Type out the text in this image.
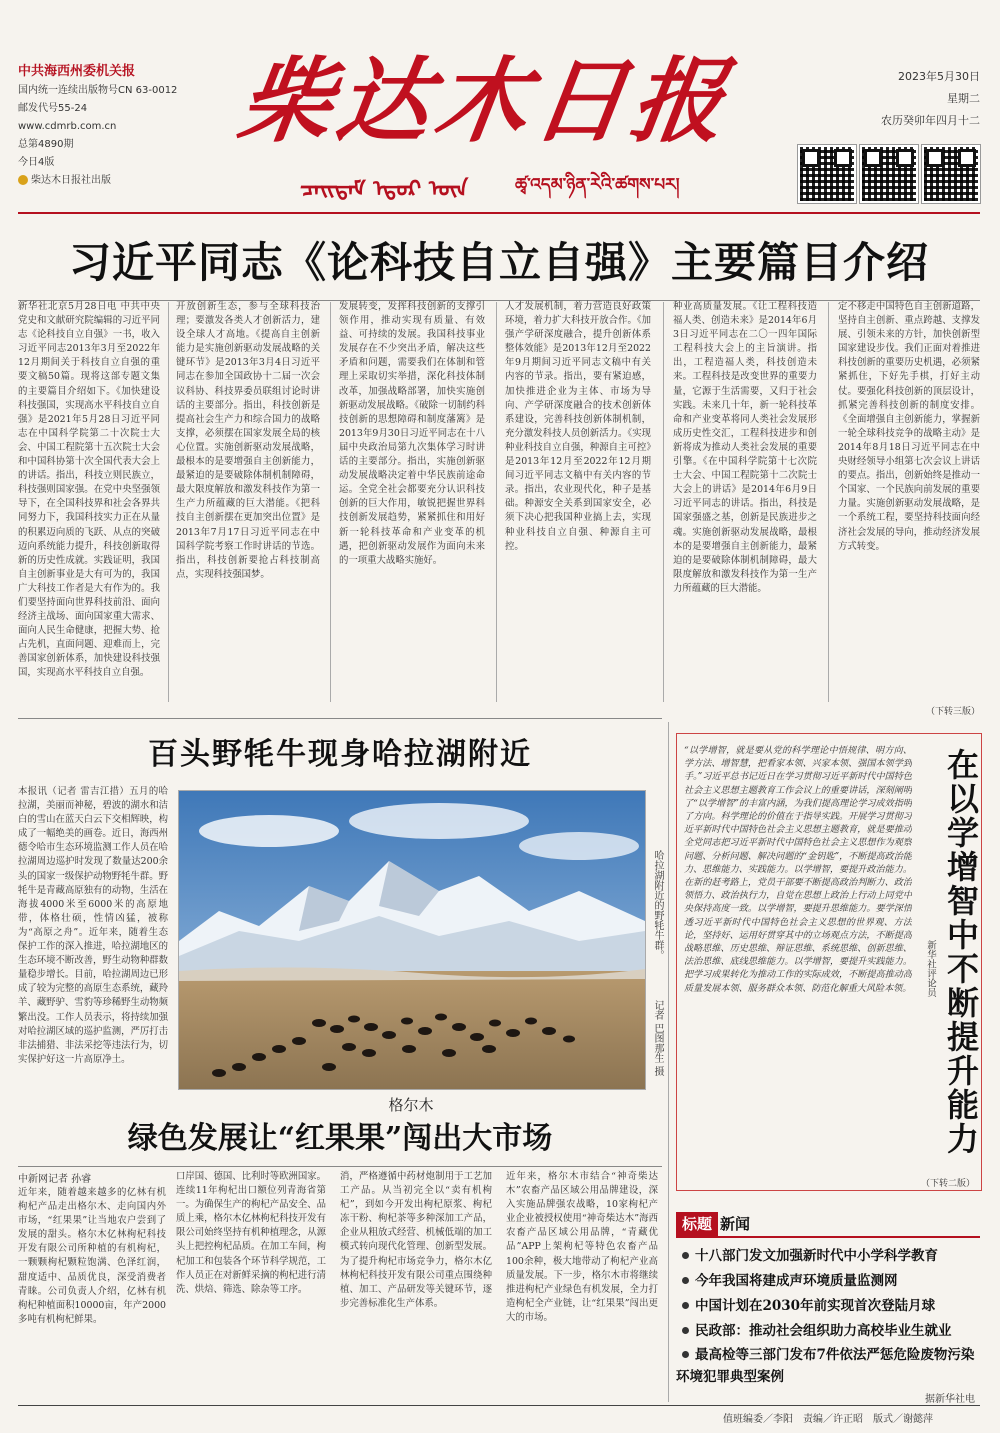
中共海西州委机关报
国内统一连续出版物号CN 63-0012
邮发代号55-24
www.cdmrb.com.cn
总第4890期
今日4版
柴达木日报社出版
柴达木日报
ᠴᠠᠢᠳᠠᠮ ᠡᠳᠦᠷ ᠦᠨ	ཚྭ་འདམ་ཉིན་རེའི་ཚགས་པར།
2023年5月30日
星期二
农历癸卯年四月十二
习近平同志《论科技自立自强》主要篇目介绍
新华社北京5月28日电 中共中央党史和文献研究院编辑的习近平同志《论科技自立自强》一书，收入习近平同志2013年3月至2022年12月期间关于科技自立自强的重要文稿50篇。现将这部专题文集的主要篇目介绍如下。《加快建设科技强国，实现高水平科技自立自强》是2021年5月28日习近平同志在中国科学院第二十次院士大会、中国工程院第十五次院士大会和中国科协第十次全国代表大会上的讲话。指出，科技立则民族立，科技强则国家强。在党中央坚强领导下，在全国科技界和社会各界共同努力下，我国科技实力正在从量的积累迈向质的飞跃、从点的突破迈向系统能力提升，科技创新取得新的历史性成就。实践证明，我国自主创新事业是大有可为的，我国广大科技工作者是大有作为的。我们要坚持面向世界科技前沿、面向经济主战场、面向国家重大需求、面向人民生命健康，把握大势、抢占先机，直面问题、迎难而上，完善国家创新体系，加快建设科技强国，实现高水平科技自立自强。
开放创新生态，参与全球科技治理；要激发各类人才创新活力，建设全球人才高地。《提高自主创新能力是实施创新驱动发展战略的关键环节》是2013年3月4日习近平同志在参加全国政协十二届一次会议科协、科技界委员联组讨论时讲话的主要部分。指出，科技创新是提高社会生产力和综合国力的战略支撑，必须摆在国家发展全局的核心位置。实施创新驱动发展战略，最根本的是要增强自主创新能力，最紧迫的是要破除体制机制障碍，最大限度解放和激发科技作为第一生产力所蕴藏的巨大潜能。《把科技自主创新摆在更加突出位置》是2013年7月17日习近平同志在中国科学院考察工作时讲话的节选。指出，科技创新要抢占科技制高点，实现科技强国梦。
发展转变，发挥科技创新的支撑引领作用，推动实现有质量、有效益、可持续的发展。我国科技事业发展存在不少突出矛盾，解决这些矛盾和问题，需要我们在体制和管理上采取切实举措，深化科技体制改革，加强战略部署，加快实施创新驱动发展战略。《破除一切制约科技创新的思想障碍和制度藩篱》是2013年9月30日习近平同志在十八届中央政治局第九次集体学习时讲话的主要部分。指出，实施创新驱动发展战略决定着中华民族前途命运。全党全社会都要充分认识科技创新的巨大作用，敏锐把握世界科技创新发展趋势，紧紧抓住和用好新一轮科技革命和产业变革的机遇，把创新驱动发展作为面向未来的一项重大战略实施好。
人才发展机制，着力营造良好政策环境，着力扩大科技开放合作。《加强产学研深度融合，提升创新体系整体效能》是2013年12月至2022年9月期间习近平同志文稿中有关内容的节录。指出，要有紧迫感，加快推进企业为主体、市场为导向、产学研深度融合的技术创新体系建设，完善科技创新体制机制，充分激发科技人员创新活力。《实现种业科技自立自强，种源自主可控》是2013年12月至2022年12月期间习近平同志文稿中有关内容的节录。指出，农业现代化，种子是基础。种源安全关系到国家安全，必须下决心把我国种业搞上去，实现种业科技自立自强、种源自主可控。
种业高质量发展。《让工程科技造福人类、创造未来》是2014年6月3日习近平同志在二〇一四年国际工程科技大会上的主旨演讲。指出，工程造福人类，科技创造未来。工程科技是改变世界的重要力量，它源于生活需要，又归于社会实践。未来几十年，新一轮科技革命和产业变革将同人类社会发展形成历史性交汇，工程科技进步和创新将成为推动人类社会发展的重要引擎。《在中国科学院第十七次院士大会、中国工程院第十二次院士大会上的讲话》是2014年6月9日习近平同志的讲话。指出，科技是国家强盛之基，创新是民族进步之魂。实施创新驱动发展战略，最根本的是要增强自主创新能力，最紧迫的是要破除体制机制障碍，最大限度解放和激发科技作为第一生产力所蕴藏的巨大潜能。
定不移走中国特色自主创新道路，坚持自主创新、重点跨越、支撑发展、引领未来的方针，加快创新型国家建设步伐。我们正面对着推进科技创新的重要历史机遇，必须紧紧抓住，下好先手棋，打好主动仗。要强化科技创新的顶层设计，抓紧完善科技创新的制度安排。《全面增强自主创新能力，掌握新一轮全球科技竞争的战略主动》是2014年8月18日习近平同志在中央财经领导小组第七次会议上讲话的要点。指出，创新始终是推动一个国家、一个民族向前发展的重要力量。实施创新驱动发展战略，是一个系统工程，要坚持科技面向经济社会发展的导向，推动经济发展方式转变。
（下转三版）
百头野牦牛现身哈拉湖附近
本报讯（记者 雷吉江措）五月的哈拉湖，美丽而神秘，碧波的湖水和洁白的雪山在蓝天白云下交相辉映，构成了一幅绝美的画卷。近日，海西州德令哈市生态环境监测工作人员在哈拉湖周边巡护时发现了数量达200余头的国家一级保护动物野牦牛群。野牦牛是青藏高原独有的动物，生活在海拔4000米至6000米的高原地带，体格壮硕，性情凶猛，被称为“高原之舟”。近年来，随着生态保护工作的深入推进，哈拉湖地区的生态环境不断改善，野生动物种群数量稳步增长。目前，哈拉湖周边已形成了较为完整的高原生态系统，藏羚羊、藏野驴、雪豹等珍稀野生动物频繁出没。工作人员表示，将持续加强对哈拉湖区域的巡护监测，严厉打击非法捕猎、非法采挖等违法行为，切实保护好这一片高原净土。
哈拉湖附近的野牦牛群。
记者 巴图那生 摄
格尔木
绿色发展让“红果果”闯出大市场
中新网记者 孙睿
近年来，随着越来越多的亿林有机枸杞产品走出格尔木、走向国内外市场，“红果果”让当地农户尝到了发展的甜头。格尔木亿林枸杞科技开发有限公司所种植的有机枸杞，一颗颗枸杞颗粒饱满、色泽红润，甜度适中、品质优良，深受消费者青睐。公司负责人介绍，亿林有机枸杞种植面积10000亩，年产2000多吨有机枸杞鲜果。
口岸国、德国、比利时等欧洲国家。连续11年枸杞出口额位列青海省第一。为确保生产的枸杞产品安全、品质上乘，格尔木亿林枸杞科技开发有限公司始终坚持有机种植理念，从源头上把控枸杞品质。在加工车间，枸杞加工和包装各个环节科学规范，工作人员正在对新鲜采摘的枸杞进行清洗、烘焙、筛选、除杂等工序。
消，严格遵循中药材炮制用于工艺加工产品。从当初完全以“卖有机枸杞”，到如今开发出枸杞原浆、枸杞冻干粉、枸杞茶等多种深加工产品，企业从粗放式经营、机械低端的加工模式转向现代化管理、创新型发展。为了提升枸杞市场竞争力，格尔木亿林枸杞科技开发有限公司重点围绕种植、加工、产品研发等关键环节，逐步完善标准化生产体系。
近年来，格尔木市结合“神奇柴达木”农畜产品区域公用品牌建设，深入实施品牌强农战略，10家枸杞产业企业被授权使用“神奇柴达木”海西农畜产品区域公用品牌，“青藏优品”APP上架枸杞等特色农畜产品100余种，极大地带动了枸杞产业高质量发展。下一步，格尔木市将继续推进枸杞产业绿色有机发展，全力打造枸杞全产业链，让“红果果”闯出更大的市场。
“以学增智，就是要从党的科学理论中悟规律、明方向、学方法、增智慧，把看家本领、兴家本领、强国本领学到手。”习近平总书记近日在学习贯彻习近平新时代中国特色社会主义思想主题教育工作会议上的重要讲话，深刻阐明了“以学增智”的丰富内涵，为我们提高理论学习成效指明了方向。科学理论的价值在于指导实践。开展学习贯彻习近平新时代中国特色社会主义思想主题教育，就是要推动全党同志把习近平新时代中国特色社会主义思想作为观察问题、分析问题、解决问题的“金钥匙”，不断提高政治能力、思维能力、实践能力。以学增智，要提升政治能力。在新的赶考路上，党员干部要不断提高政治判断力、政治领悟力、政治执行力，自觉在思想上政治上行动上同党中央保持高度一致。以学增智，要提升思维能力。要学深悟透习近平新时代中国特色社会主义思想的世界观、方法论，坚持好、运用好贯穿其中的立场观点方法，不断提高战略思维、历史思维、辩证思维、系统思维、创新思维、法治思维、底线思维能力。以学增智，要提升实践能力。把学习成果转化为推动工作的实际成效，不断提高推动高质量发展本领、服务群众本领、防范化解重大风险本领。 在以学增智中不断提升能力
新华社评论员
（下转二版）
标题 新闻
十八部门发文加强新时代中小学科学教育
今年我国将建成声环境质量监测网
中国计划在2030年前实现首次登陆月球
民政部：推动社会组织助力高校毕业生就业
最高检等三部门发布7件依法严惩危险废物污染环境犯罪典型案例
据新华社电
值班编委／李阳　责编／许正昭　版式／谢懿萍
